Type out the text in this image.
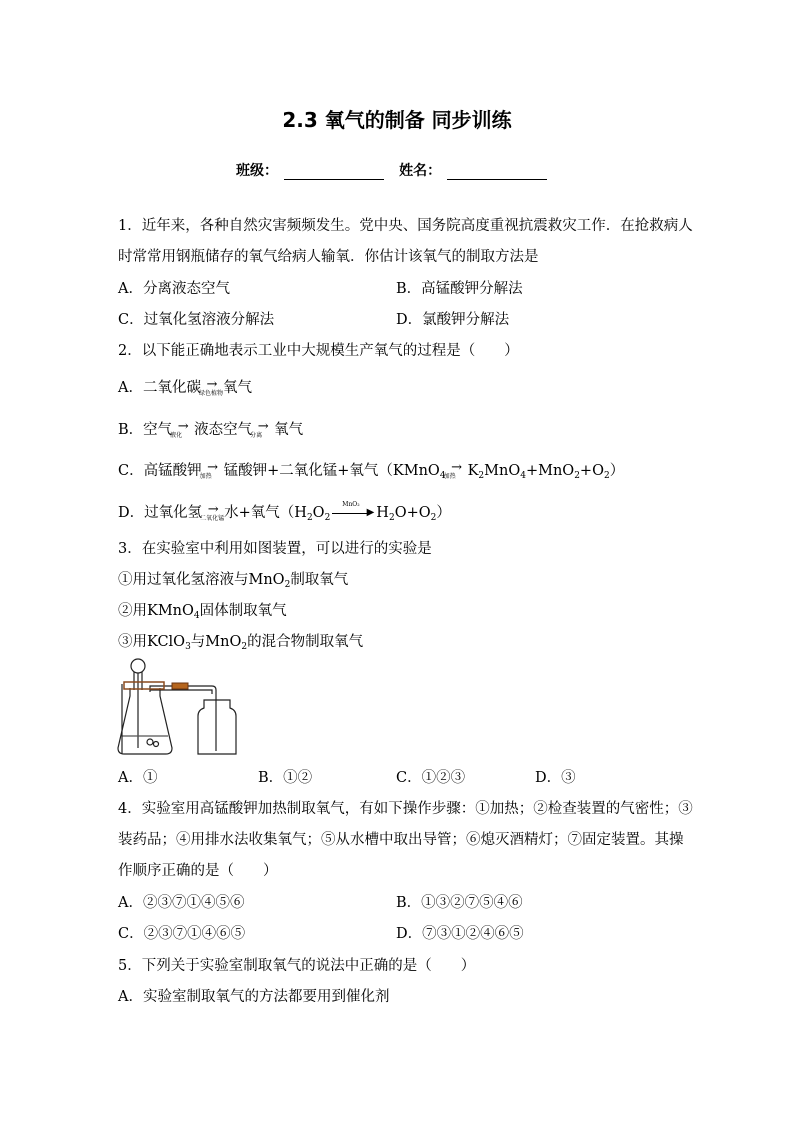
2.3 氧气的制备 同步训练
班级：	姓名：
1．近年来，各种自然灾害频频发生。党中央、国务院高度重视抗震救灾工作．在抢救病人
时常常用钢瓶储存的氧气给病人输氧．你估计该氧气的制取方法是
A．分离液态空气	B．高锰酸钾分解法
C．过氧化氢溶液分解法	D．氯酸钾分解法
2．以下能正确地表示工业中大规模生产氧气的过程是（　　）
A．二氧化碳 →
绿色植物 氧气
B．空气 →
液化 液态空气 →
分离 氧气
C．高锰酸钾 →
加热 锰酸钾+二氧化锰+氧气（KMnO$_4$→
加热 $K_2MnO_4+MnO_2+O_2$）
D．过氧化氢 →
二氧化锰 水+氧气（$H_2O_2$
MnO₂
▶ $H_2O+O_2$）
3．在实验室中利用如图装置，可以进行的实验是
①用过氧化氢溶液与MnO$_2$制取氧气
②用KMnO$_4$固体制取氧气
③用KClO$_3$与MnO$_2$的混合物制取氧气
A．①	B．①②	C．①②③	D．③
4．实验室用高锰酸钾加热制取氧气，有如下操作步骤：①加热；②检查装置的气密性；③
装药品；④用排水法收集氧气；⑤从水槽中取出导管；⑥熄灭酒精灯；⑦固定装置。其操
作顺序正确的是（　　）
A．②③⑦①④⑤⑥	B．①③②⑦⑤④⑥
C．②③⑦①④⑥⑤	D．⑦③①②④⑥⑤
5．下列关于实验室制取氧气的说法中正确的是（　　）
A．实验室制取氧气的方法都要用到催化剂
